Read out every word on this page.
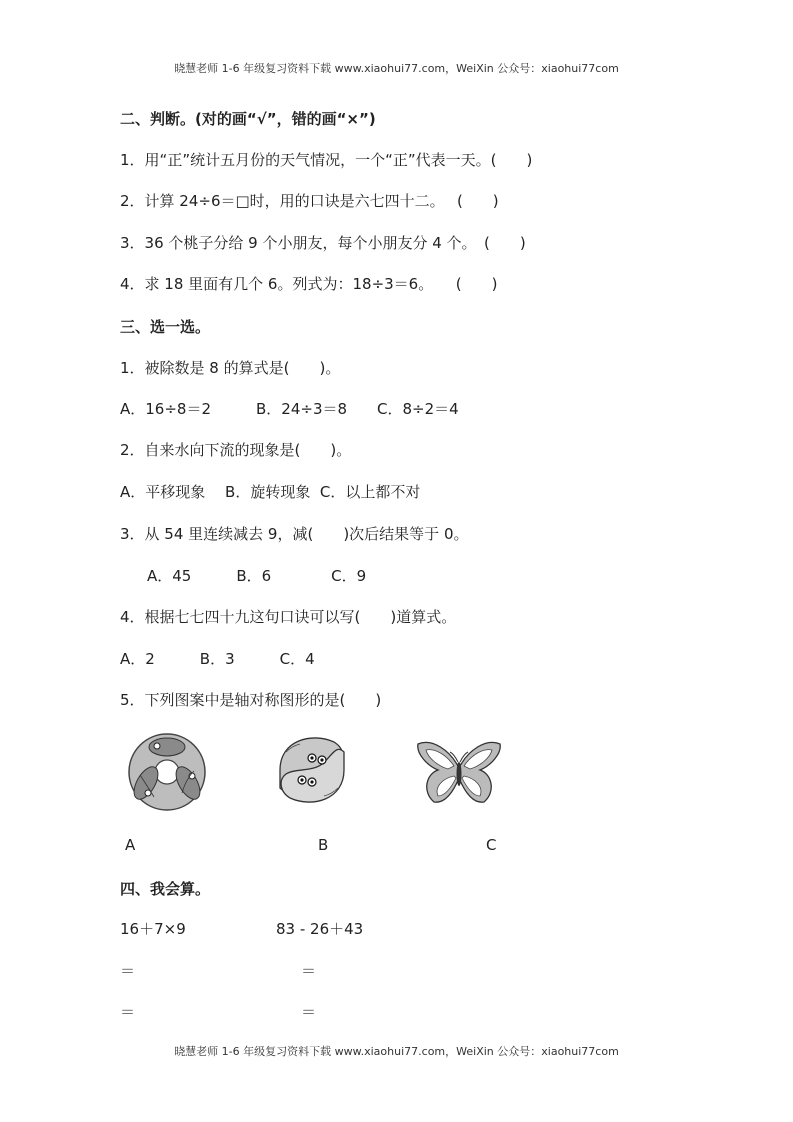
晓慧老师 1-6 年级复习资料下载 www.xiaohui77.com，WeiXin 公众号：xiaohui77com
二、判断。(对的画“√”，错的画“×”)
1．用“正”统计五月份的天气情况，一个“正”代表一天。(　　)
2．计算 24÷6＝□时，用的口诀是六七四十二。　 (　　)
3．36 个桃子分给 9 个小朋友，每个小朋友分 4 个。　(　　)
4．求 18 里面有几个 6。列式为：18÷3＝6。　　(　　)
三、选一选。
1．被除数是 8 的算式是(　　)。
A．16÷8＝2　　　B．24÷3＝8　　C．8÷2＝4
2．自来水向下流的现象是(　　)。
A．平移现象　 B．旋转现象  C．以上都不对
3．从 54 里连续减去 9，减(　　)次后结果等于 0。
A．45　　　B．6　　　　C．9
4．根据七七四十九这句口诀可以写(　　)道算式。
A．2　　　B．3　　　C．4
5．下列图案中是轴对称图形的是(　　)
A	B	C
四、我会算。
16＋7×9	83 - 26＋43
＝	＝
＝	＝
晓慧老师 1-6 年级复习资料下载 www.xiaohui77.com，WeiXin 公众号：xiaohui77com
